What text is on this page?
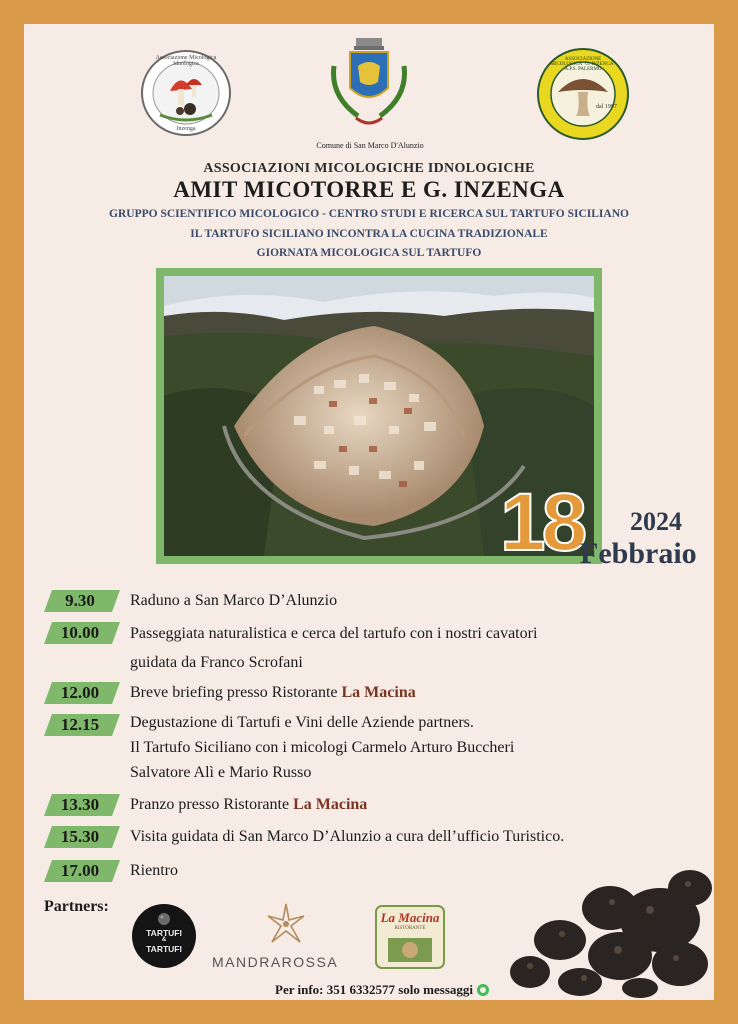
Associazione Micologica Idnologica
Inzenga
Comune di San Marco D'Alunzio
ASSOCIAZIONE MICOLOGICA "G. INZENGA" A.P.S. PALERMO
dal 1997
ASSOCIAZIONI MICOLOGICHE IDNOLOGICHE
AMIT MICOTORRE E G. INZENGA
GRUPPO SCIENTIFICO MICOLOGICO - CENTRO STUDI E RICERCA SUL TARTUFO SICILIANO
IL TARTUFO SICILIANO INCONTRA LA CUCINA TRADIZIONALE
GIORNATA MICOLOGICA SUL TARTUFO
18 2024
Febbraio
9.30	Raduno a San Marco D’Alunzio
10.00	Passeggiata naturalistica e cerca del tartufo con i nostri cavatori
guidata da Franco Scrofani
12.00	Breve briefing presso Ristorante La Macina
12.15	Degustazione di Tartufi e Vini delle Aziende partners.
Il Tartufo Siciliano con i micologi Carmelo Arturo Buccheri
Salvatore Alì e Mario Russo
13.30	Pranzo presso Ristorante La Macina
15.30	Visita guidata di San Marco D’Alunzio a cura dell’ufficio Turistico.
17.00	Rientro
Partners:
TARTUFI
&
TARTUFI
MANDRAROSSA
La Macina
RISTORANTE
Per info: 351 6332577 solo messaggi
